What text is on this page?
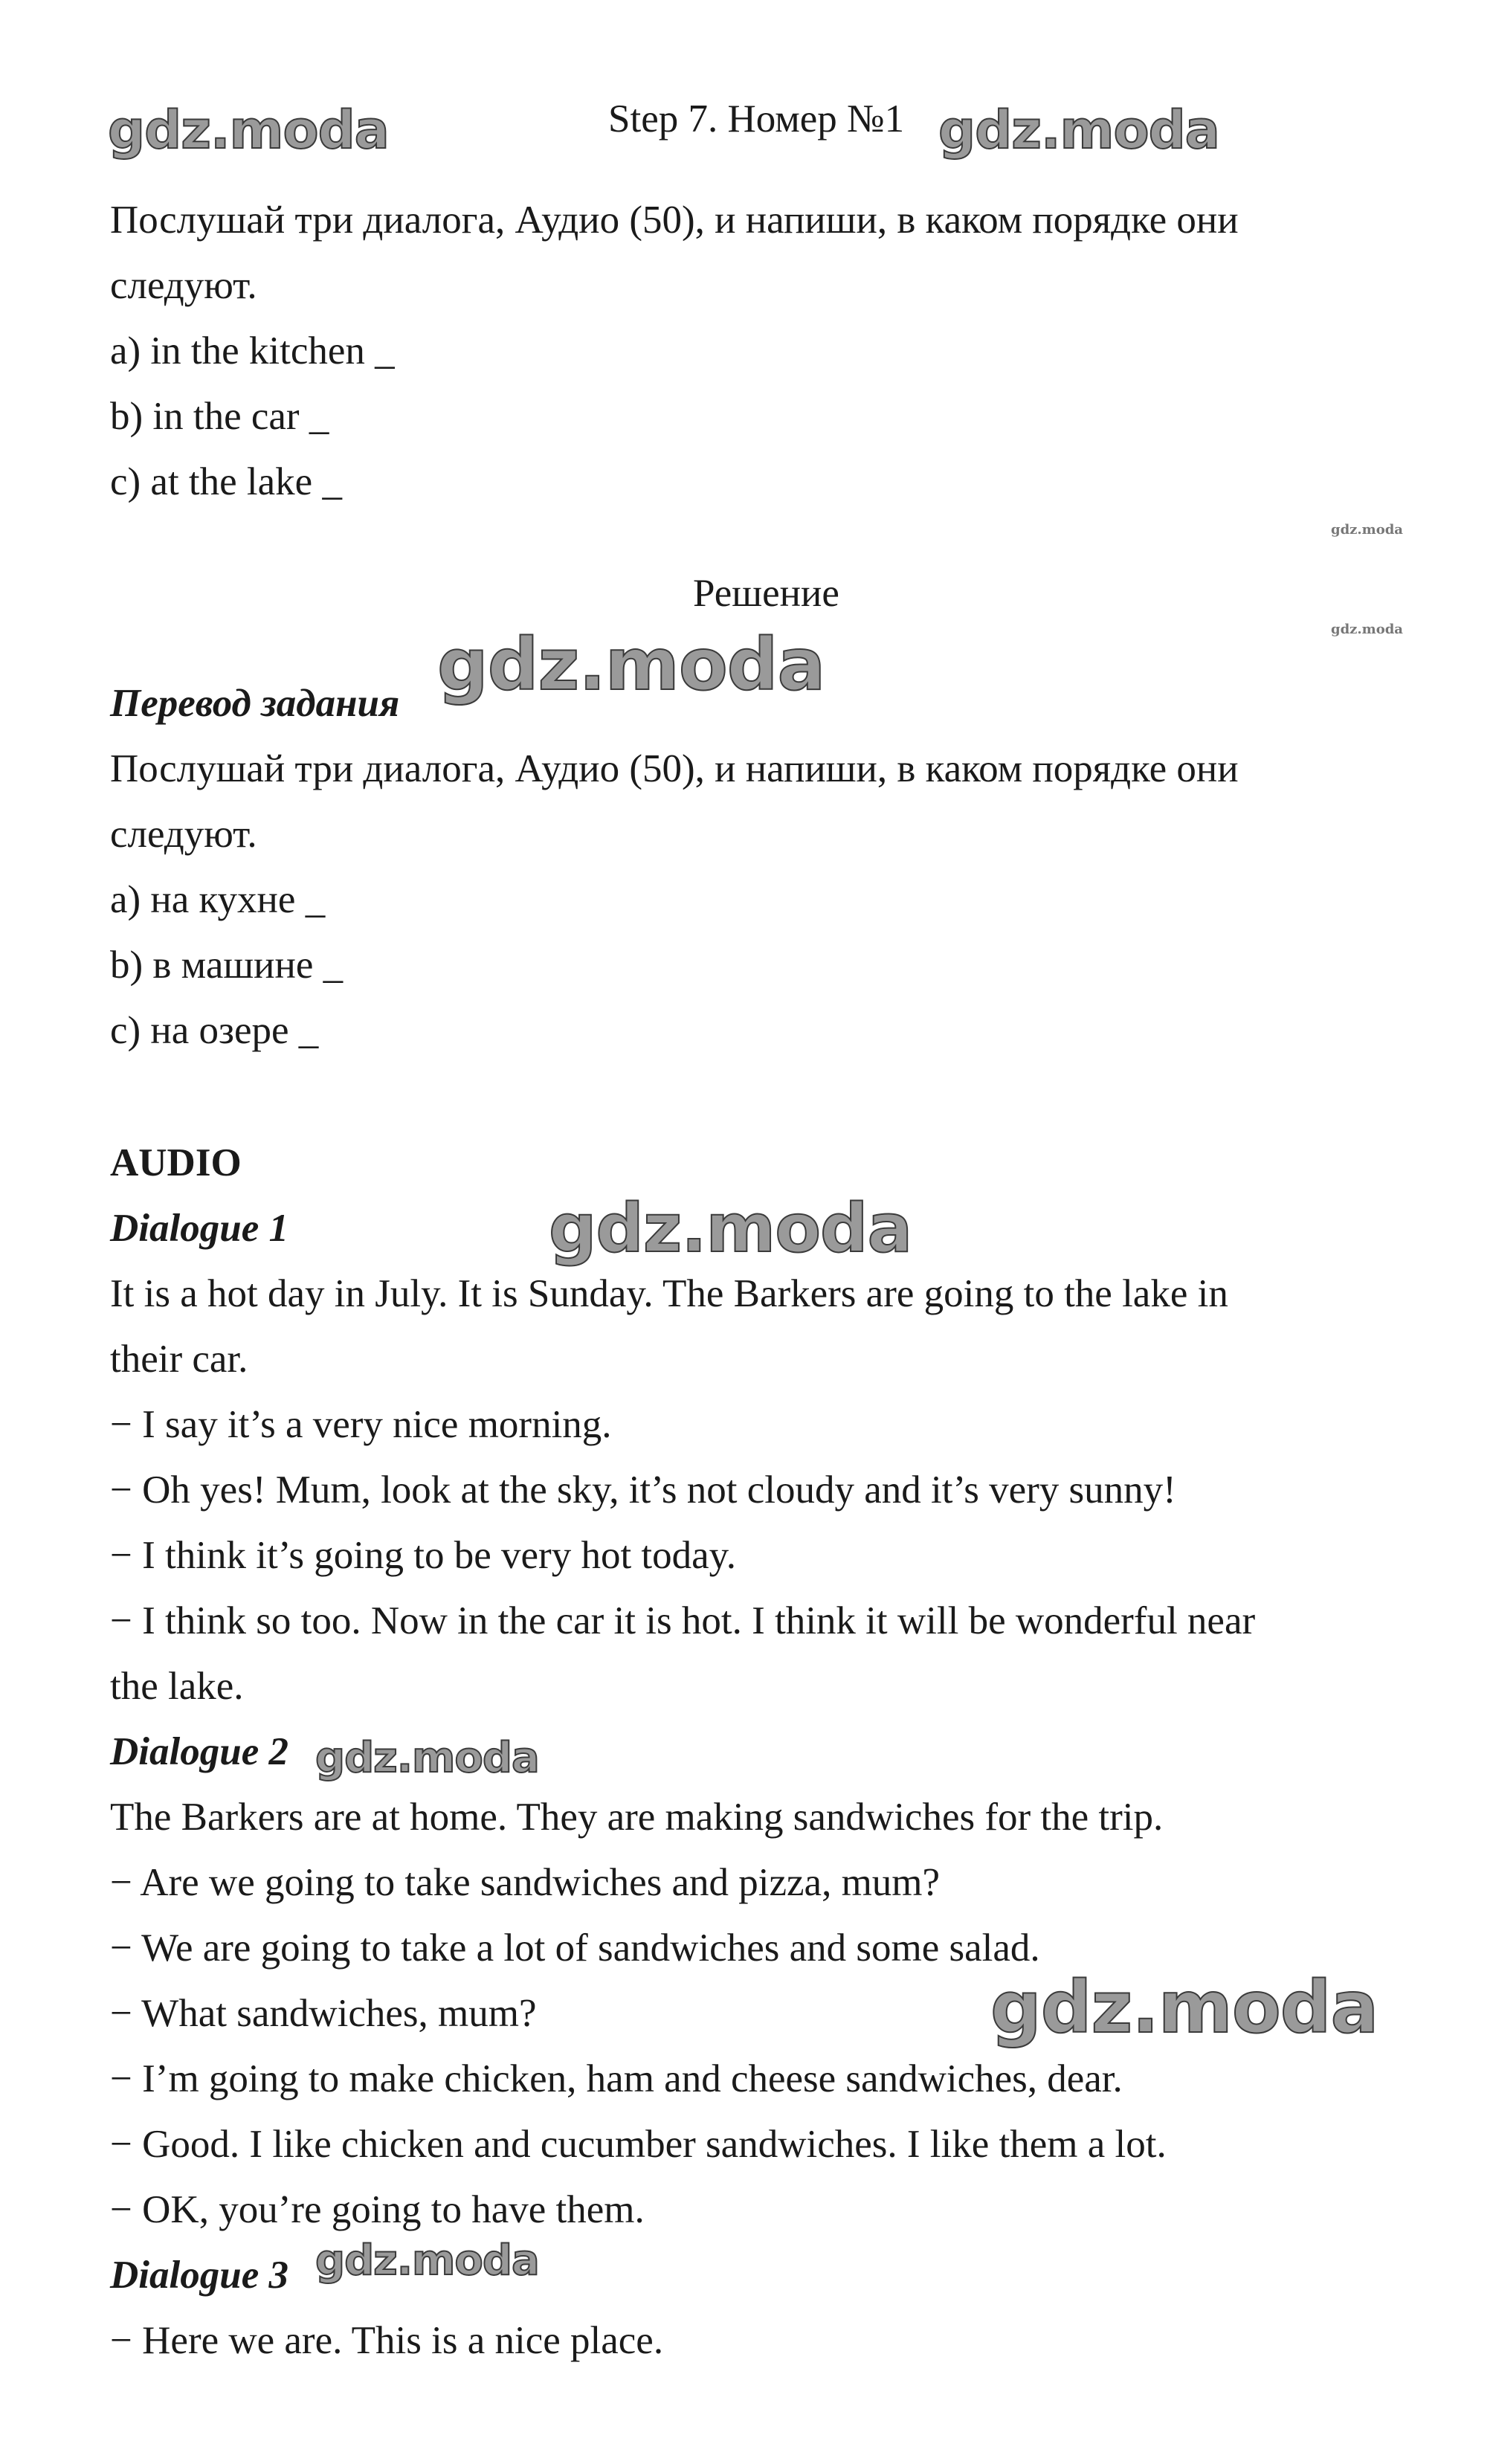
gdz.moda	gdz.moda
gdz.moda
gdz.moda
gdz.moda
gdz.moda
gdz.moda
gdz.moda
gdz.moda
Step 7. Номер №1
Послушай три диалога, Аудио (50), и напиши, в каком порядке они
следуют.
a) in the kitchen _
b) in the car _
c) at the lake _
Решение
Перевод задания
Послушай три диалога, Аудио (50), и напиши, в каком порядке они
следуют.
a) на кухне _
b) в машине _
c) на озере _
AUDIO
Dialogue 1
It is a hot day in July. It is Sunday. The Barkers are going to the lake in
their car.
− I say it’s a very nice morning.
− Oh yes! Mum, look at the sky, it’s not cloudy and it’s very sunny!
− I think it’s going to be very hot today.
− I think so too. Now in the car it is hot. I think it will be wonderful near
the lake.
Dialogue 2
The Barkers are at home. They are making sandwiches for the trip.
− Are we going to take sandwiches and pizza, mum?
− We are going to take a lot of sandwiches and some salad.
− What sandwiches, mum?
− I’m going to make chicken, ham and cheese sandwiches, dear.
− Good. I like chicken and cucumber sandwiches. I like them a lot.
− OK, you’re going to have them.
Dialogue 3
− Here we are. This is a nice place.
